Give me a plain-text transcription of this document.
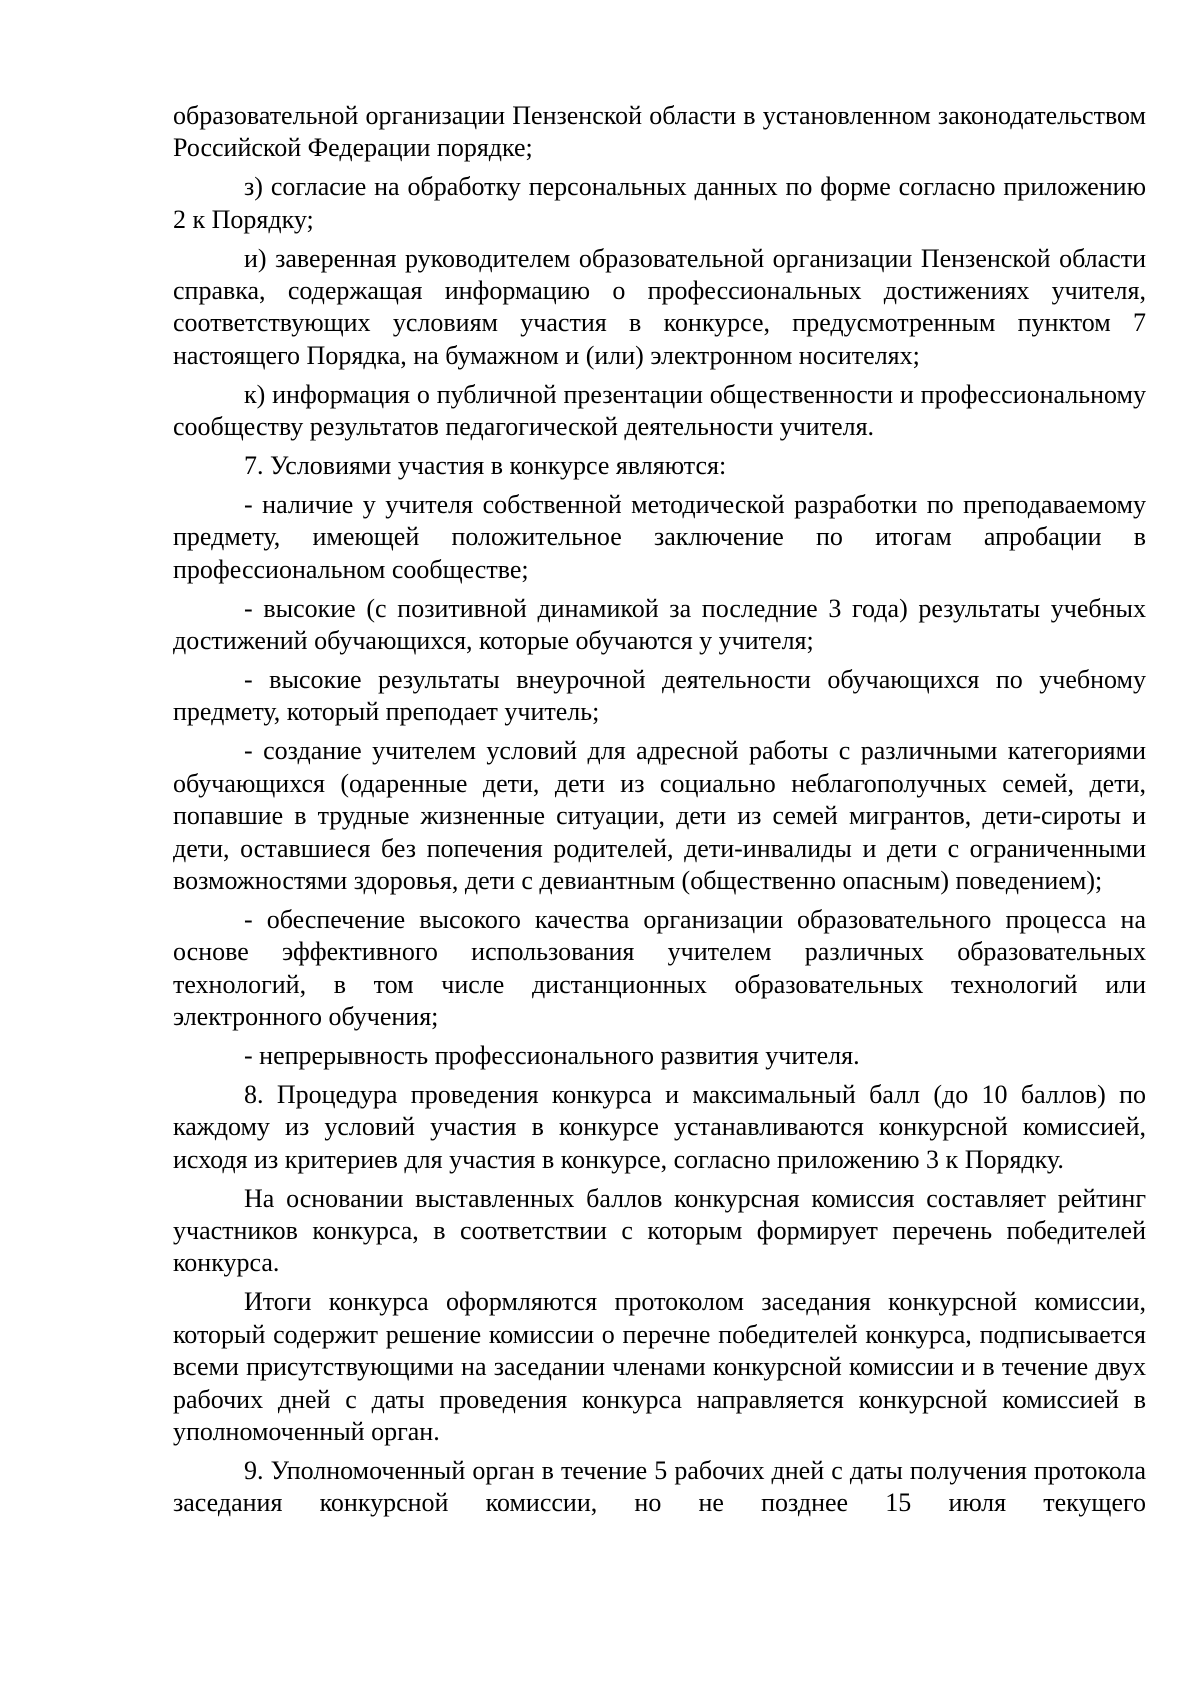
образовательной организации Пензенской области в установленном законодательством Российской Федерации порядке;

з) согласие на обработку персональных данных по форме согласно приложению 2 к Порядку;

и) заверенная руководителем образовательной организации Пензенской области справка, содержащая информацию о профессиональных достижениях учителя, соответствующих условиям участия в конкурсе, предусмотренным пунктом 7 настоящего Порядка, на бумажном и (или) электронном носителях;

к) информация о публичной презентации общественности и профессиональному сообществу результатов педагогической деятельности учителя.

7. Условиями участия в конкурсе являются:

- наличие у учителя собственной методической разработки по преподаваемому предмету, имеющей положительное заключение по итогам апробации в профессиональном сообществе;

- высокие (с позитивной динамикой за последние 3 года) результаты учебных достижений обучающихся, которые обучаются у учителя;

- высокие результаты внеурочной деятельности обучающихся по учебному предмету, который преподает учитель;

- создание учителем условий для адресной работы с различными категориями обучающихся (одаренные дети, дети из социально неблагополучных семей, дети, попавшие в трудные жизненные ситуации, дети из семей мигрантов, дети-сироты и дети, оставшиеся без попечения родителей, дети-инвалиды и дети с ограниченными возможностями здоровья, дети с девиантным (общественно опасным) поведением);

- обеспечение высокого качества организации образовательного процесса на основе эффективного использования учителем различных образовательных технологий, в том числе дистанционных образовательных технологий или электронного обучения;

- непрерывность профессионального развития учителя.

8. Процедура проведения конкурса и максимальный балл (до 10 баллов) по каждому из условий участия в конкурсе устанавливаются конкурсной комиссией, исходя из критериев для участия в конкурсе, согласно приложению 3 к Порядку.

На основании выставленных баллов конкурсная комиссия составляет рейтинг участников конкурса, в соответствии с которым формирует перечень победителей конкурса.

Итоги конкурса оформляются протоколом заседания конкурсной комиссии, который содержит решение комиссии о перечне победителей конкурса, подписывается всеми присутствующими на заседании членами конкурсной комиссии и в течение двух рабочих дней с даты проведения конкурса направляется конкурсной комиссией в уполномоченный орган.

9. Уполномоченный орган в течение 5 рабочих дней с даты получения протокола заседания конкурсной комиссии, но не позднее 15 июля текущего
